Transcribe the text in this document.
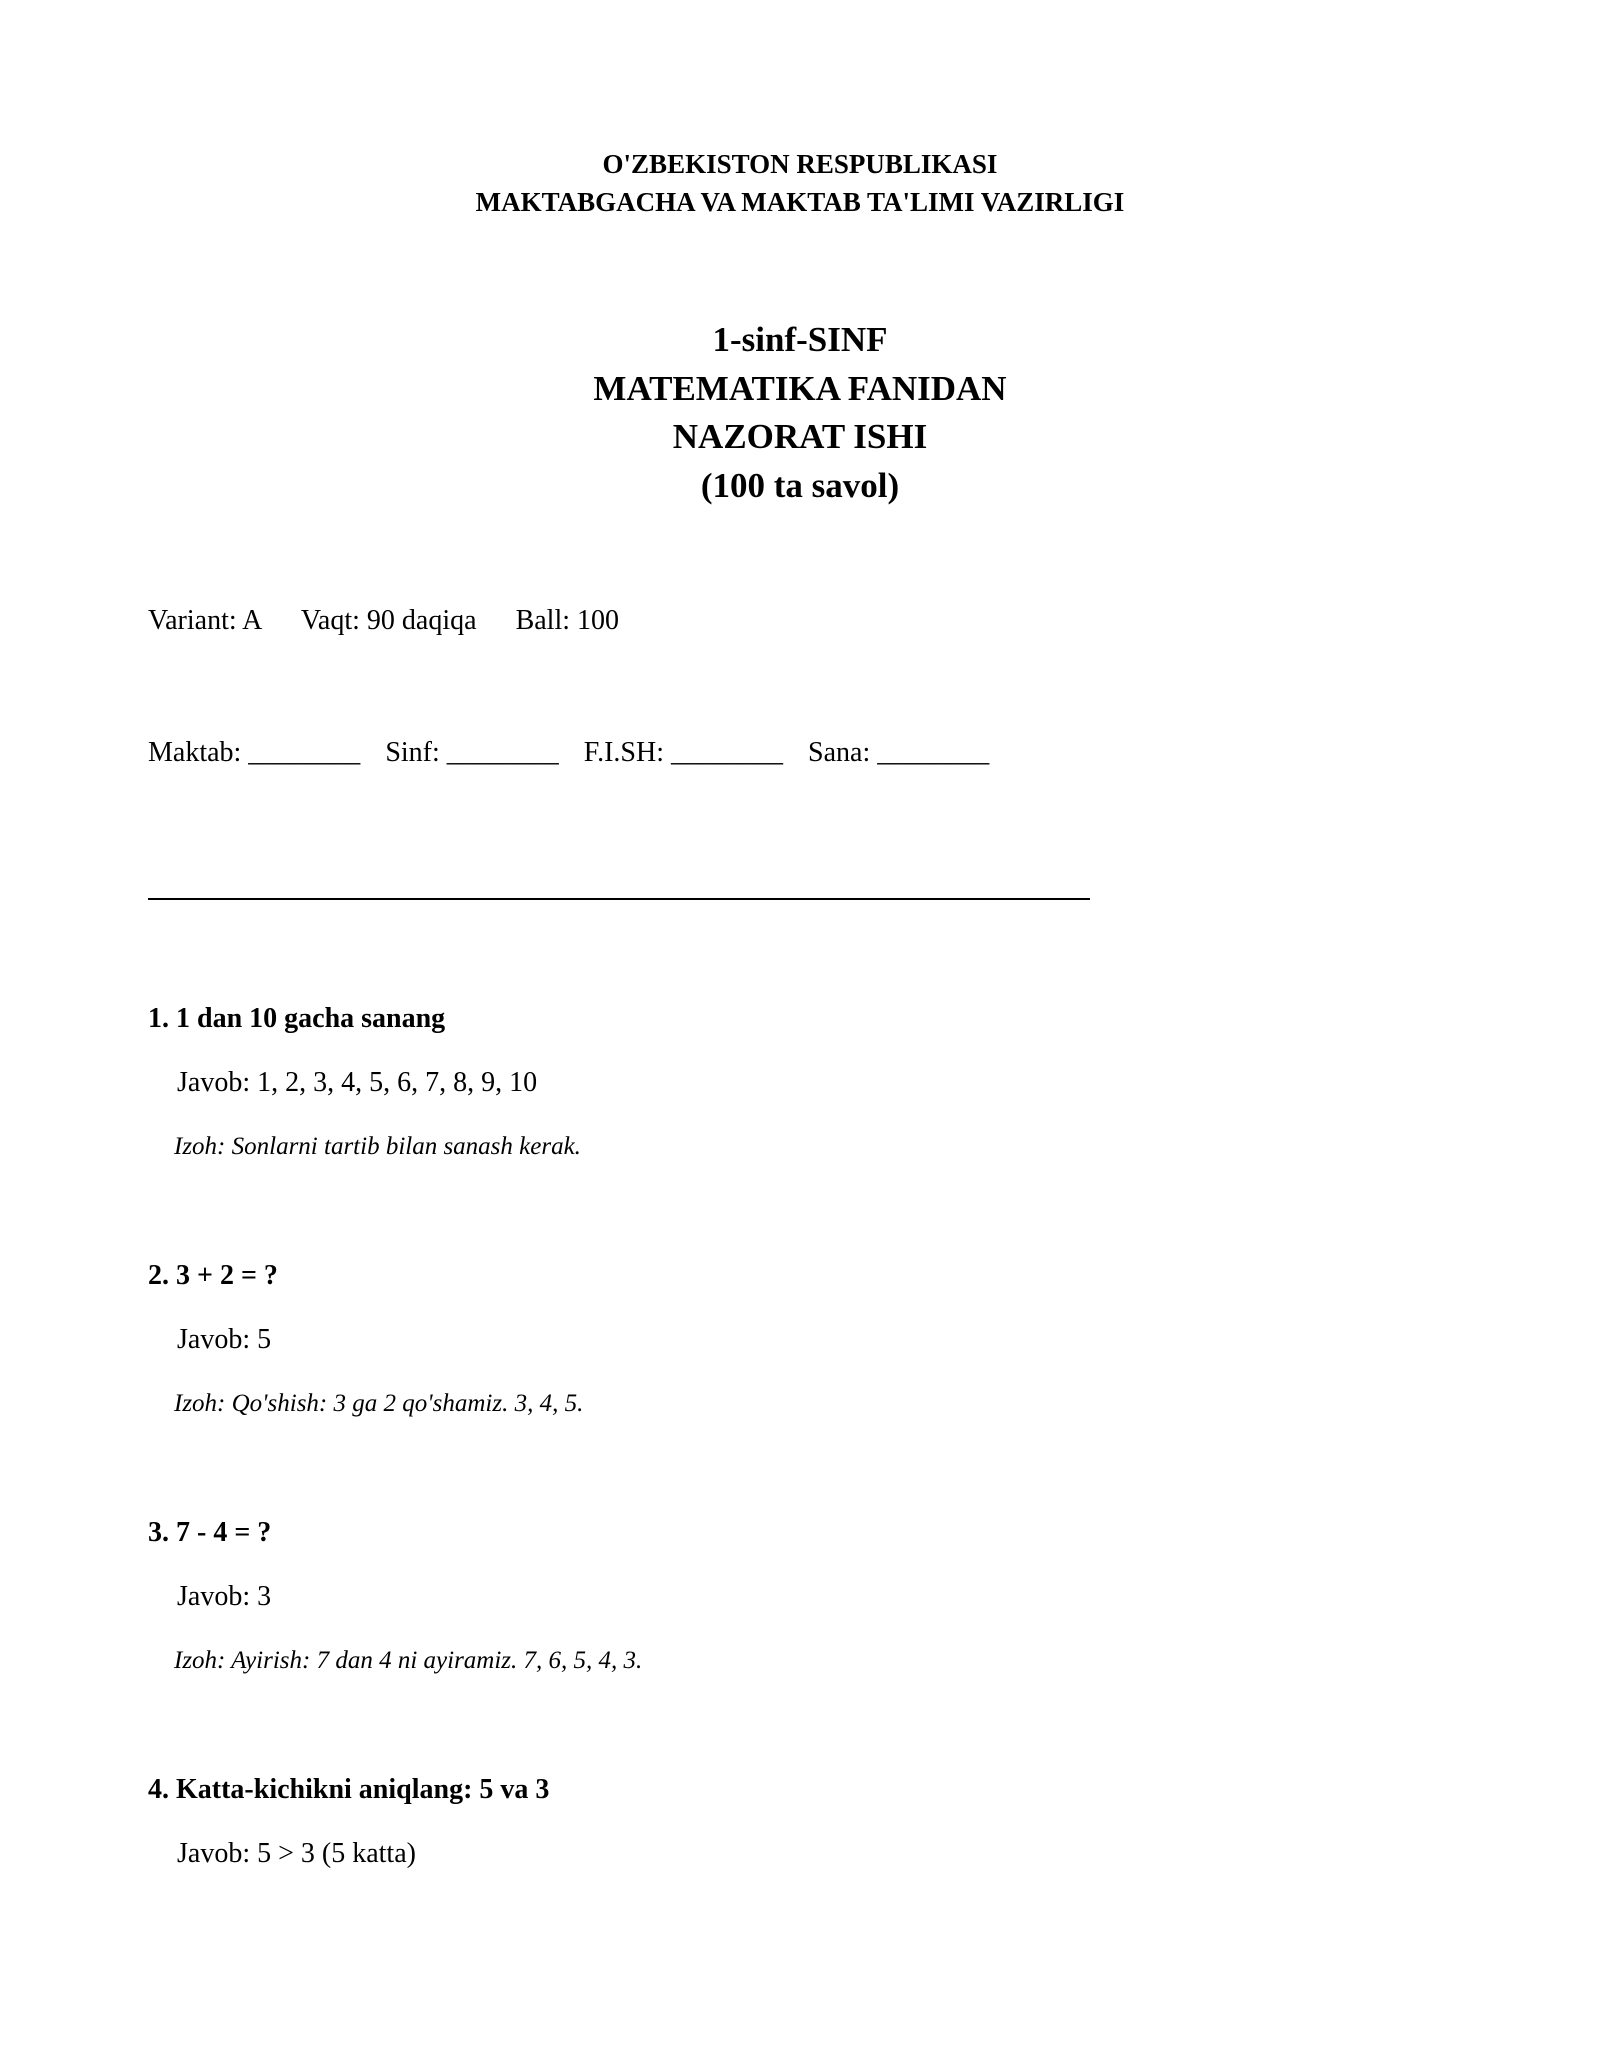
O'ZBEKISTON RESPUBLIKASI
MAKTABGACHA VA MAKTAB TA'LIMI VAZIRLIGI
1-sinf-SINF
MATEMATIKA FANIDAN
NAZORAT ISHI
(100 ta savol)
Variant: A Vaqt: 90 daqiqa Ball: 100
Maktab: ________ Sinf: ________ F.I.SH: ________ Sana: ________
1. 1 dan 10 gacha sanang
Javob: 1, 2, 3, 4, 5, 6, 7, 8, 9, 10
Izoh: Sonlarni tartib bilan sanash kerak.
2. 3 + 2 = ?
Javob: 5
Izoh: Qo'shish: 3 ga 2 qo'shamiz. 3, 4, 5.
3. 7 - 4 = ?
Javob: 3
Izoh: Ayirish: 7 dan 4 ni ayiramiz. 7, 6, 5, 4, 3.
4. Katta-kichikni aniqlang: 5 va 3
Javob: 5 > 3 (5 katta)
